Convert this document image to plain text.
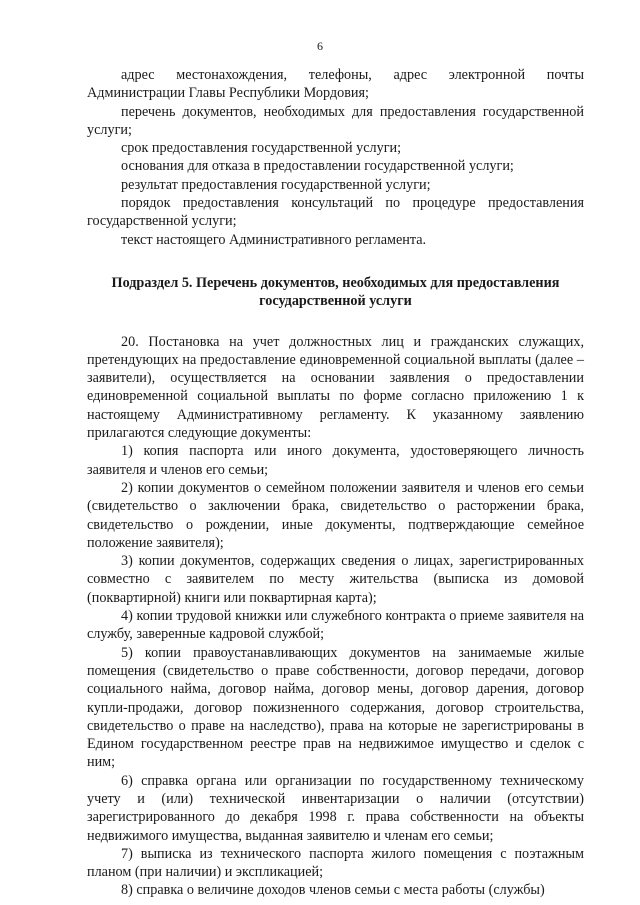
6

адрес местонахождения, телефоны, адрес электронной почты Администрации Главы Республики Мордовия;

перечень документов, необходимых для предоставления государственной услуги;

срок предоставления государственной услуги;

основания для отказа в предоставлении государственной услуги;

результат предоставления государственной услуги;

порядок предоставления консультаций по процедуре предоставления государственной услуги;

текст настоящего Административного регламента.

Подраздел 5. Перечень документов, необходимых для предоставления государственной услуги

20. Постановка на учет должностных лиц и гражданских служащих, претендующих на предоставление единовременной социальной выплаты (далее – заявители), осуществляется на основании заявления о предоставлении единовременной социальной выплаты по форме согласно приложению 1 к настоящему Административному регламенту. К указанному заявлению прилагаются следующие документы:

1) копия паспорта или иного документа, удостоверяющего личность заявителя и членов его семьи;

2) копии документов о семейном положении заявителя и членов его семьи (свидетельство о заключении брака, свидетельство о расторжении брака, свидетельство о рождении, иные документы, подтверждающие семейное положение заявителя);

3) копии документов, содержащих сведения о лицах, зарегистрированных совместно с заявителем по месту жительства (выписка из домовой (поквартирной) книги или поквартирная карта);

4) копии трудовой книжки или служебного контракта о приеме заявителя на службу, заверенные кадровой службой;

5) копии правоустанавливающих документов на занимаемые жилые помещения (свидетельство о праве собственности, договор передачи, договор социального найма, договор найма, договор мены, договор дарения, договор купли-продажи, договор пожизненного содержания, договор строительства, свидетельство о праве на наследство), права на которые не зарегистрированы в Едином государственном реестре прав на недвижимое имущество и сделок с ним;

6) справка органа или организации по государственному техническому учету и (или) технической инвентаризации о наличии (отсутствии) зарегистрированного до декабря 1998 г. права собственности на объекты недвижимого имущества, выданная заявителю и членам его семьи;

7) выписка из технического паспорта жилого помещения с поэтажным планом (при наличии) и экспликацией;

8) справка о величине доходов членов семьи с места работы (службы)
